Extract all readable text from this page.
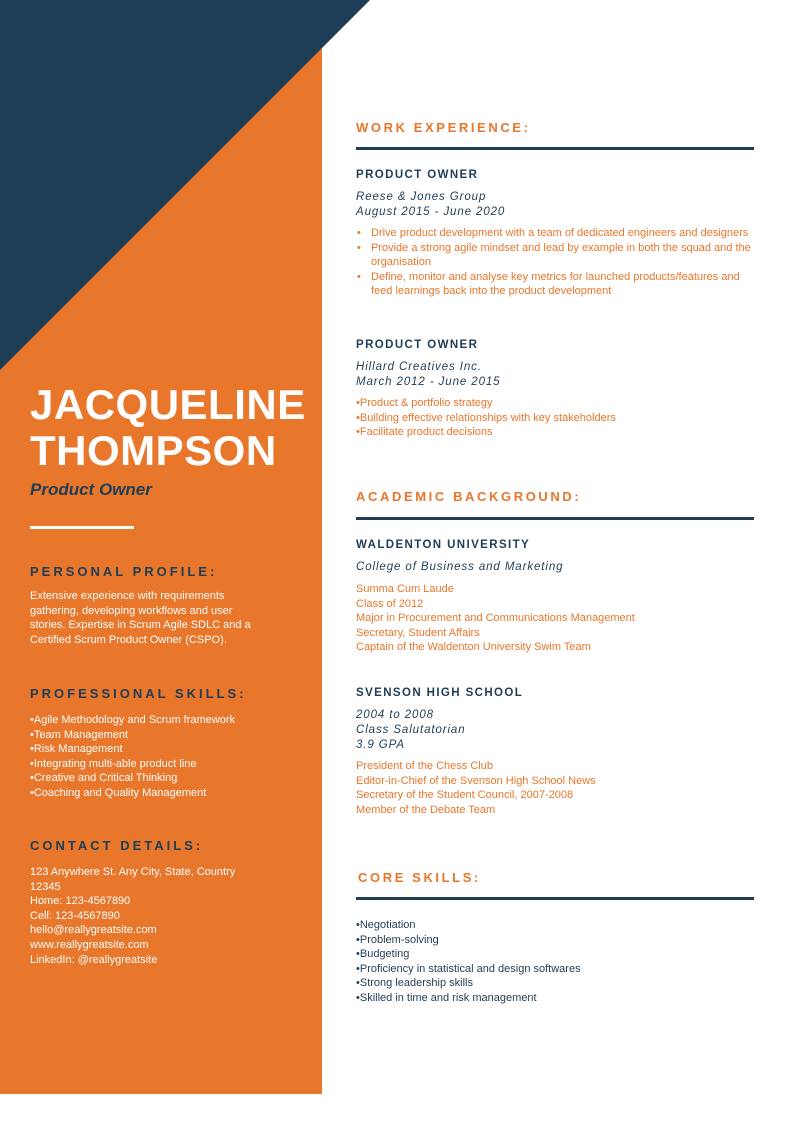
JACQUELINE
THOMPSON
Product Owner
PERSONAL PROFILE:
Extensive experience with requirements
gathering, developing workflows and user
stories. Expertise in Scrum Agile SDLC and a
Certified Scrum Product Owner (CSPO).
PROFESSIONAL SKILLS:
• Agile Methodology and Scrum framework
• Team Management
• Risk Management
• Integrating multi-able product line
• Creative and Critical Thinking
• Coaching and Quality Management
CONTACT DETAILS:
123 Anywhere St. Any City, State, Country
12345
Home: 123-4567890
Cell: 123-4567890
hello@reallygreatsite.com
www.reallygreatsite.com
LinkedIn: @reallygreatsite
WORK EXPERIENCE:
PRODUCT OWNER
Reese & Jones Group
August 2015 - June 2020
• Drive product development with a team of dedicated engineers and designers
• Provide a strong agile mindset and lead by example in both the squad and the organisation
• Define, monitor and analyse key metrics for launched products/features and feed learnings back into the product development
PRODUCT OWNER
Hillard Creatives Inc.
March 2012 - June 2015
• Product & portfolio strategy
• Building effective relationships with key stakeholders
• Facilitate product decisions
ACADEMIC BACKGROUND:
WALDENTON UNIVERSITY
College of Business and Marketing
Summa Cum Laude
Class of 2012
Major in Procurement and Communications Management
Secretary, Student Affairs
Captain of the Waldenton University Swim Team
SVENSON HIGH SCHOOL
2004 to 2008
Class Salutatorian
3.9 GPA
President of the Chess Club
Editor-in-Chief of the Svenson High School News
Secretary of the Student Council, 2007-2008
Member of the Debate Team
CORE SKILLS:
• Negotiation
• Problem-solving
• Budgeting
• Proficiency in statistical and design softwares
• Strong leadership skills
• Skilled in time and risk management
